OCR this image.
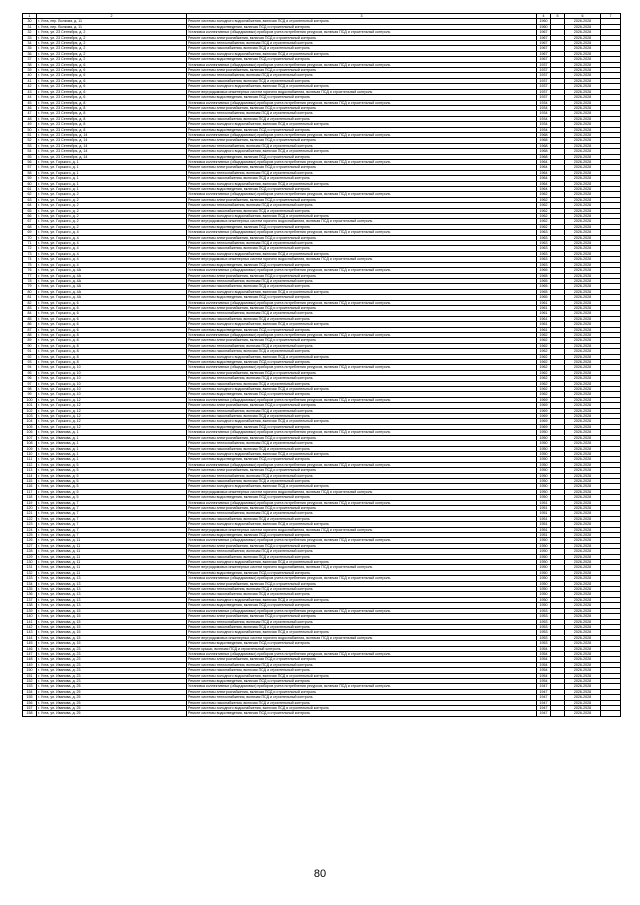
1	2	3	4	5	6	7
30	г. Ухта, пер. Волкова, д. 11	Ремонт системы холодного водоснабжения, включая ПСД и строительный контроль	1960		2026-2028	
31	г. Ухта, пер. Волкова, д. 11	Ремонт системы водоотведения, включая ПСД и строительный контроль	1960		2026-2028	
32	г. Ухта, ул. 23 Сентября, д. 2	Установка коллективных (общедомовых) приборов учета потребления ресурсов, включая ПСД и строительный контроль	1967		2026-2028	
33	г. Ухта, ул. 23 Сентября, д. 2	Ремонт системы электроснабжения, включая ПСД и строительный контроль	1967		2026-2028	
34	г. Ухта, ул. 23 Сентября, д. 2	Ремонт системы теплоснабжения, включая ПСД и строительный контроль	1967		2026-2028	
35	г. Ухта, ул. 23 Сентября, д. 2	Ремонт системы газоснабжения, включая ПСД и строительный контроль	1967		2026-2028	
36	г. Ухта, ул. 23 Сентября, д. 2	Ремонт системы холодного водоснабжения, включая ПСД и строительный контроль	1967		2026-2028	
37	г. Ухта, ул. 23 Сентября, д. 2	Ремонт системы водоотведения, включая ПСД и строительный контроль	1967		2026-2028	
38	г. Ухта, ул. 23 Сентября, д. 6	Установка коллективных (общедомовых) приборов учета потребления ресурсов, включая ПСД и строительный контроль	1937		2026-2028	
39	г. Ухта, ул. 23 Сентября, д. 6	Ремонт системы электроснабжения, включая ПСД и строительный контроль	1937		2026-2028	
40	г. Ухта, ул. 23 Сентября, д. 6	Ремонт системы теплоснабжения, включая ПСД и строительный контроль	1937		2026-2028	
41	г. Ухта, ул. 23 Сентября, д. 6	Ремонт системы газоснабжения, включая ПСД и строительный контроль	1937		2026-2028	
42	г. Ухта, ул. 23 Сентября, д. 6	Ремонт системы холодного водоснабжения, включая ПСД и строительный контроль	1937		2026-2028	
43	г. Ухта, ул. 23 Сентября, д. 6	Ремонт внутридомовых инженерных систем горячего водоснабжения, включая ПСД и строительный контроль	1937		2026-2028	
44	г. Ухта, ул. 23 Сентября, д. 6	Ремонт системы водоотведения, включая ПСД и строительный контроль	1937		2026-2028	
45	г. Ухта, ул. 23 Сентября, д. 8	Установка коллективных (общедомовых) приборов учета потребления ресурсов, включая ПСД и строительный контроль	1934		2026-2028	
46	г. Ухта, ул. 23 Сентября, д. 8	Ремонт системы электроснабжения, включая ПСД и строительный контроль	1934		2026-2028	
47	г. Ухта, ул. 23 Сентября, д. 8	Ремонт системы теплоснабжения, включая ПСД и строительный контроль	1934		2026-2028	
48	г. Ухта, ул. 23 Сентября, д. 8	Ремонт системы газоснабжения, включая ПСД и строительный контроль	1934		2026-2028	
49	г. Ухта, ул. 23 Сентября, д. 8	Ремонт системы холодного водоснабжения, включая ПСД и строительный контроль	1934		2026-2028	
50	г. Ухта, ул. 23 Сентября, д. 8	Ремонт системы водоотведения, включая ПСД и строительный контроль	1934		2026-2028	
51	г. Ухта, ул. 23 Сентября, д. 14	Установка коллективных (общедомовых) приборов учета потребления ресурсов, включая ПСД и строительный контроль	1968		2026-2028	
52	г. Ухта, ул. 23 Сентября, д. 14	Ремонт системы электроснабжения, включая ПСД и строительный контроль	1968		2026-2028	
53	г. Ухта, ул. 23 Сентября, д. 14	Ремонт системы теплоснабжения, включая ПСД и строительный контроль	1968		2026-2028	
54	г. Ухта, ул. 23 Сентября, д. 14	Ремонт системы холодного водоснабжения, включая ПСД и строительный контроль	1968		2026-2028	
55	г. Ухта, ул. 23 Сентября, д. 14	Ремонт системы водоотведения, включая ПСД и строительный контроль	1968		2026-2028	
56	г. Ухта, ул. Горького, д. 1	Установка коллективных (общедомовых) приборов учета потребления ресурсов, включая ПСД и строительный контроль	1964		2026-2028	
57	г. Ухта, ул. Горького, д. 1	Ремонт системы электроснабжения, включая ПСД и строительный контроль	1964		2026-2028	
58	г. Ухта, ул. Горького, д. 1	Ремонт системы теплоснабжения, включая ПСД и строительный контроль	1964		2026-2028	
59	г. Ухта, ул. Горького, д. 1	Ремонт системы газоснабжения, включая ПСД и строительный контроль	1964		2026-2028	
60	г. Ухта, ул. Горького, д. 1	Ремонт системы холодного водоснабжения, включая ПСД и строительный контроль	1964		2026-2028	
61	г. Ухта, ул. Горького, д. 1	Ремонт системы водоотведения, включая ПСД и строительный контроль	1964		2026-2028	
62	г. Ухта, ул. Горького, д. 2	Установка коллективных (общедомовых) приборов учета потребления ресурсов, включая ПСД и строительный контроль	1962		2026-2028	
63	г. Ухта, ул. Горького, д. 2	Ремонт системы электроснабжения, включая ПСД и строительный контроль	1962		2026-2028	
64	г. Ухта, ул. Горького, д. 2	Ремонт системы теплоснабжения, включая ПСД и строительный контроль	1962		2026-2028	
65	г. Ухта, ул. Горького, д. 2	Ремонт системы газоснабжения, включая ПСД и строительный контроль	1962		2026-2028	
66	г. Ухта, ул. Горького, д. 2	Ремонт системы холодного водоснабжения, включая ПСД и строительный контроль	1962		2026-2028	
67	г. Ухта, ул. Горького, д. 2	Ремонт внутридомовых инженерных систем горячего водоснабжения, включая ПСД и строительный контроль	1962		2026-2028	
68	г. Ухта, ул. Горького, д. 2	Ремонт системы водоотведения, включая ПСД и строительный контроль	1962		2026-2028	
69	г. Ухта, ул. Горького, д. 4	Установка коллективных (общедомовых) приборов учета потребления ресурсов, включая ПСД и строительный контроль	1963		2026-2028	
70	г. Ухта, ул. Горького, д. 4	Ремонт системы электроснабжения, включая ПСД и строительный контроль	1963		2026-2028	
71	г. Ухта, ул. Горького, д. 4	Ремонт системы теплоснабжения, включая ПСД и строительный контроль	1963		2026-2028	
72	г. Ухта, ул. Горького, д. 4	Ремонт системы газоснабжения, включая ПСД и строительный контроль	1963		2026-2028	
73	г. Ухта, ул. Горького, д. 4	Ремонт системы холодного водоснабжения, включая ПСД и строительный контроль	1963		2026-2028	
74	г. Ухта, ул. Горького, д. 4	Ремонт внутридомовых инженерных систем горячего водоснабжения, включая ПСД и строительный контроль	1963		2026-2028	
75	г. Ухта, ул. Горького, д. 4	Ремонт системы водоотведения, включая ПСД и строительный контроль	1963		2026-2028	
76	г. Ухта, ул. Горького, д. 4А	Установка коллективных (общедомовых) приборов учета потребления ресурсов, включая ПСД и строительный контроль	1965		2026-2028	
77	г. Ухта, ул. Горького, д. 4А	Ремонт системы электроснабжения, включая ПСД и строительный контроль	1965		2026-2028	
78	г. Ухта, ул. Горького, д. 4А	Ремонт системы теплоснабжения, включая ПСД и строительный контроль	1965		2026-2028	
79	г. Ухта, ул. Горького, д. 4А	Ремонт системы газоснабжения, включая ПСД и строительный контроль	1965		2026-2028	
80	г. Ухта, ул. Горького, д. 4А	Ремонт системы холодного водоснабжения, включая ПСД и строительный контроль	1965		2026-2028	
81	г. Ухта, ул. Горького, д. 4А	Ремонт системы водоотведения, включая ПСД и строительный контроль	1965		2026-2028	
82	г. Ухта, ул. Горького, д. 6	Установка коллективных (общедомовых) приборов учета потребления ресурсов, включая ПСД и строительный контроль	1961		2026-2028	
83	г. Ухта, ул. Горького, д. 6	Ремонт системы электроснабжения, включая ПСД и строительный контроль	1961		2026-2028	
84	г. Ухта, ул. Горького, д. 6	Ремонт системы теплоснабжения, включая ПСД и строительный контроль	1961		2026-2028	
85	г. Ухта, ул. Горького, д. 6	Ремонт системы газоснабжения, включая ПСД и строительный контроль	1961		2026-2028	
86	г. Ухта, ул. Горького, д. 6	Ремонт системы холодного водоснабжения, включая ПСД и строительный контроль	1961		2026-2028	
87	г. Ухта, ул. Горького, д. 6	Ремонт системы водоотведения, включая ПСД и строительный контроль	1961		2026-2028	
88	г. Ухта, ул. Горького, д. 8	Установка коллективных (общедомовых) приборов учета потребления ресурсов, включая ПСД и строительный контроль	1962		2026-2028	
89	г. Ухта, ул. Горького, д. 8	Ремонт системы электроснабжения, включая ПСД и строительный контроль	1962		2026-2028	
90	г. Ухта, ул. Горького, д. 8	Ремонт системы теплоснабжения, включая ПСД и строительный контроль	1962		2026-2028	
91	г. Ухта, ул. Горького, д. 8	Ремонт системы газоснабжения, включая ПСД и строительный контроль	1962		2026-2028	
92	г. Ухта, ул. Горького, д. 8	Ремонт системы холодного водоснабжения, включая ПСД и строительный контроль	1962		2026-2028	
93	г. Ухта, ул. Горького, д. 8	Ремонт системы водоотведения, включая ПСД и строительный контроль	1962		2026-2028	
94	г. Ухта, ул. Горького, д. 10	Установка коллективных (общедомовых) приборов учета потребления ресурсов, включая ПСД и строительный контроль	1962		2026-2028	
95	г. Ухта, ул. Горького, д. 10	Ремонт системы электроснабжения, включая ПСД и строительный контроль	1962		2026-2028	
96	г. Ухта, ул. Горького, д. 10	Ремонт системы теплоснабжения, включая ПСД и строительный контроль	1962		2026-2028	
97	г. Ухта, ул. Горького, д. 10	Ремонт системы газоснабжения, включая ПСД и строительный контроль	1962		2026-2028	
98	г. Ухта, ул. Горького, д. 10	Ремонт системы холодного водоснабжения, включая ПСД и строительный контроль	1962		2026-2028	
99	г. Ухта, ул. Горького, д. 10	Ремонт системы водоотведения, включая ПСД и строительный контроль	1962		2026-2028	
100	г. Ухта, ул. Горького, д. 12	Установка коллективных (общедомовых) приборов учета потребления ресурсов, включая ПСД и строительный контроль	1969		2026-2028	
101	г. Ухта, ул. Горького, д. 12	Ремонт системы электроснабжения, включая ПСД и строительный контроль	1969		2026-2028	
102	г. Ухта, ул. Горького, д. 12	Ремонт системы теплоснабжения, включая ПСД и строительный контроль	1969		2026-2028	
103	г. Ухта, ул. Горького, д. 12	Ремонт системы газоснабжения, включая ПСД и строительный контроль	1969		2026-2028	
104	г. Ухта, ул. Горького, д. 12	Ремонт системы холодного водоснабжения, включая ПСД и строительный контроль	1969		2026-2028	
105	г. Ухта, ул. Горького, д. 12	Ремонт системы водоотведения, включая ПСД и строительный контроль	1969		2026-2028	
106	г. Ухта, ул. Иванова, д. 1	Установка коллективных (общедомовых) приборов учета потребления ресурсов, включая ПСД и строительный контроль	1950		2026-2028	
107	г. Ухта, ул. Иванова, д. 1	Ремонт системы электроснабжения, включая ПСД и строительный контроль	1950		2026-2028	
108	г. Ухта, ул. Иванова, д. 1	Ремонт системы теплоснабжения, включая ПСД и строительный контроль	1950		2026-2028	
109	г. Ухта, ул. Иванова, д. 1	Ремонт системы газоснабжения, включая ПСД и строительный контроль	1950		2026-2028	
110	г. Ухта, ул. Иванова, д. 1	Ремонт системы холодного водоснабжения, включая ПСД и строительный контроль	1950		2026-2028	
111	г. Ухта, ул. Иванова, д. 1	Ремонт системы водоотведения, включая ПСД и строительный контроль	1950		2026-2028	
112	г. Ухта, ул. Иванова, д. 5	Установка коллективных (общедомовых) приборов учета потребления ресурсов, включая ПСД и строительный контроль	1950		2026-2028	
113	г. Ухта, ул. Иванова, д. 5	Ремонт системы электроснабжения, включая ПСД и строительный контроль	1950		2026-2028	
114	г. Ухта, ул. Иванова, д. 5	Ремонт системы теплоснабжения, включая ПСД и строительный контроль	1950		2026-2028	
115	г. Ухта, ул. Иванова, д. 5	Ремонт системы газоснабжения, включая ПСД и строительный контроль	1950		2026-2028	
116	г. Ухта, ул. Иванова, д. 5	Ремонт системы холодного водоснабжения, включая ПСД и строительный контроль	1950		2026-2028	
117	г. Ухта, ул. Иванова, д. 5	Ремонт внутридомовых инженерных систем горячего водоснабжения, включая ПСД и строительный контроль	1950		2026-2028	
118	г. Ухта, ул. Иванова, д. 5	Ремонт системы водоотведения, включая ПСД и строительный контроль	1950		2026-2028	
119	г. Ухта, ул. Иванова, д. 7	Установка коллективных (общедомовых) приборов учета потребления ресурсов, включая ПСД и строительный контроль	1951		2026-2028	
120	г. Ухта, ул. Иванова, д. 7	Ремонт системы электроснабжения, включая ПСД и строительный контроль	1951		2026-2028	
121	г. Ухта, ул. Иванова, д. 7	Ремонт системы теплоснабжения, включая ПСД и строительный контроль	1951		2026-2028	
122	г. Ухта, ул. Иванова, д. 7	Ремонт системы газоснабжения, включая ПСД и строительный контроль	1951		2026-2028	
123	г. Ухта, ул. Иванова, д. 7	Ремонт системы холодного водоснабжения, включая ПСД и строительный контроль	1951		2026-2028	
124	г. Ухта, ул. Иванова, д. 7	Ремонт внутридомовых инженерных систем горячего водоснабжения, включая ПСД и строительный контроль	1951		2026-2028	
125	г. Ухта, ул. Иванова, д. 7	Ремонт системы водоотведения, включая ПСД и строительный контроль	1951		2026-2028	
126	г. Ухта, ул. Иванова, д. 11	Установка коллективных (общедомовых) приборов учета потребления ресурсов, включая ПСД и строительный контроль	1950		2026-2028	
127	г. Ухта, ул. Иванова, д. 11	Ремонт системы электроснабжения, включая ПСД и строительный контроль	1950		2026-2028	
128	г. Ухта, ул. Иванова, д. 11	Ремонт системы теплоснабжения, включая ПСД и строительный контроль	1950		2026-2028	
129	г. Ухта, ул. Иванова, д. 11	Ремонт системы газоснабжения, включая ПСД и строительный контроль	1950		2026-2028	
130	г. Ухта, ул. Иванова, д. 11	Ремонт системы холодного водоснабжения, включая ПСД и строительный контроль	1950		2026-2028	
131	г. Ухта, ул. Иванова, д. 11	Ремонт внутридомовых инженерных систем горячего водоснабжения, включая ПСД и строительный контроль	1950		2026-2028	
132	г. Ухта, ул. Иванова, д. 11	Ремонт системы водоотведения, включая ПСД и строительный контроль	1950		2026-2028	
133	г. Ухта, ул. Иванова, д. 13	Установка коллективных (общедомовых) приборов учета потребления ресурсов, включая ПСД и строительный контроль	1950		2026-2028	
134	г. Ухта, ул. Иванова, д. 13	Ремонт системы электроснабжения, включая ПСД и строительный контроль	1950		2026-2028	
135	г. Ухта, ул. Иванова, д. 13	Ремонт системы теплоснабжения, включая ПСД и строительный контроль	1950		2026-2028	
136	г. Ухта, ул. Иванова, д. 13	Ремонт системы газоснабжения, включая ПСД и строительный контроль	1950		2026-2028	
137	г. Ухта, ул. Иванова, д. 13	Ремонт системы холодного водоснабжения, включая ПСД и строительный контроль	1950		2026-2028	
138	г. Ухта, ул. Иванова, д. 13	Ремонт системы водоотведения, включая ПСД и строительный контроль	1950		2026-2028	
139	г. Ухта, ул. Иванова, д. 15	Установка коллективных (общедомовых) приборов учета потребления ресурсов, включая ПСД и строительный контроль	1953		2026-2028	
140	г. Ухта, ул. Иванова, д. 15	Ремонт системы электроснабжения, включая ПСД и строительный контроль	1953		2026-2028	
141	г. Ухта, ул. Иванова, д. 15	Ремонт системы теплоснабжения, включая ПСД и строительный контроль	1953		2026-2028	
142	г. Ухта, ул. Иванова, д. 15	Ремонт системы газоснабжения, включая ПСД и строительный контроль	1953		2026-2028	
143	г. Ухта, ул. Иванова, д. 15	Ремонт системы холодного водоснабжения, включая ПСД и строительный контроль	1953		2026-2028	
144	г. Ухта, ул. Иванова, д. 15	Ремонт внутридомовых инженерных систем горячего водоснабжения, включая ПСД и строительный контроль	1953		2026-2028	
145	г. Ухта, ул. Иванова, д. 15	Ремонт системы водоотведения, включая ПСД и строительный контроль	1953		2026-2028	
146	г. Ухта, ул. Иванова, д. 23	Ремонт крыши, включая ПСД и строительный контроль	1954		2026-2028	
147	г. Ухта, ул. Иванова, д. 23	Установка коллективных (общедомовых) приборов учета потребления ресурсов, включая ПСД и строительный контроль	1954		2026-2028	
148	г. Ухта, ул. Иванова, д. 23	Ремонт системы электроснабжения, включая ПСД и строительный контроль	1954		2026-2028	
149	г. Ухта, ул. Иванова, д. 23	Ремонт системы теплоснабжения, включая ПСД и строительный контроль	1954		2026-2028	
150	г. Ухта, ул. Иванова, д. 23	Ремонт системы газоснабжения, включая ПСД и строительный контроль	1954		2026-2028	
151	г. Ухта, ул. Иванова, д. 23	Ремонт системы холодного водоснабжения, включая ПСД и строительный контроль	1954		2026-2028	
152	г. Ухта, ул. Иванова, д. 23	Ремонт системы водоотведения, включая ПСД и строительный контроль	1954		2026-2028	
153	г. Ухта, ул. Иванова, д. 25	Установка коллективных (общедомовых) приборов учета потребления ресурсов, включая ПСД и строительный контроль	1947		2026-2028	
154	г. Ухта, ул. Иванова, д. 25	Ремонт системы электроснабжения, включая ПСД и строительный контроль	1947		2026-2028	
155	г. Ухта, ул. Иванова, д. 25	Ремонт системы теплоснабжения, включая ПСД и строительный контроль	1947		2026-2028	
156	г. Ухта, ул. Иванова, д. 25	Ремонт системы газоснабжения, включая ПСД и строительный контроль	1947		2026-2028	
157	г. Ухта, ул. Иванова, д. 25	Ремонт системы холодного водоснабжения, включая ПСД и строительный контроль	1947		2026-2028	
158	г. Ухта, ул. Иванова, д. 25	Ремонт системы водоотведения, включая ПСД и строительный контроль	1947		2026-2028	
80
